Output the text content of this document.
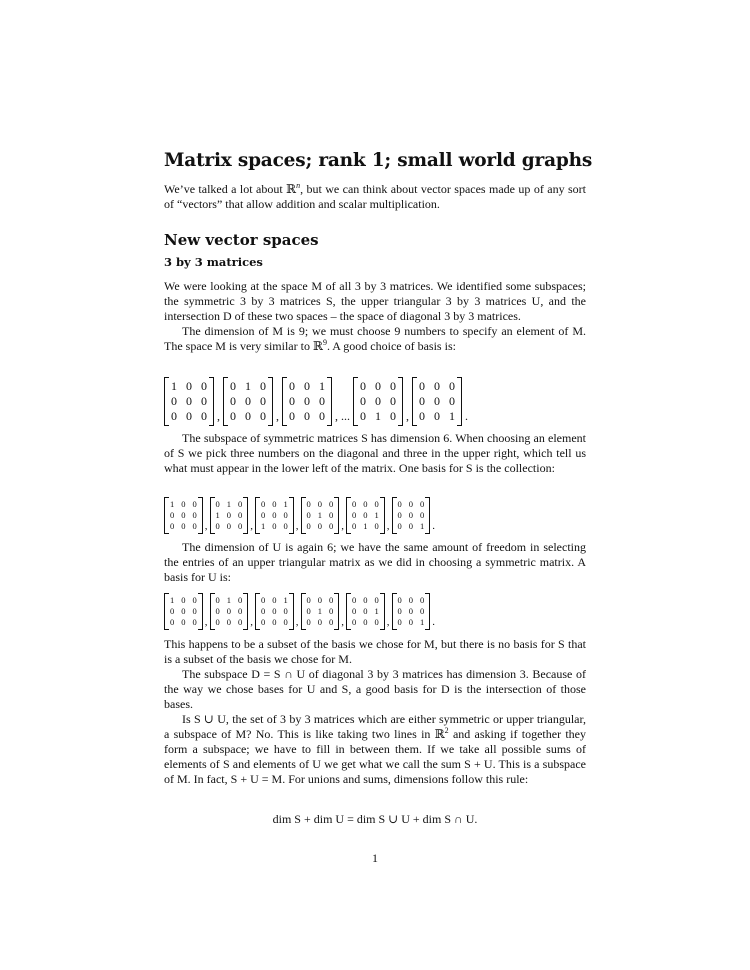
Matrix spaces; rank 1; small world graphs

We’ve talked a lot about ℝ$^n$, but we can think about vector spaces made up of any sort of “vectors” that allow addition and scalar multiplication.

New vector spaces
3 by 3 matrices

We were looking at the space M of all 3 by 3 matrices. We identified some subspaces; the symmetric 3 by 3 matrices S, the upper triangular 3 by 3 matrices U, and the intersection D of these two spaces – the space of diagonal 3 by 3 matrices.

The dimension of M is 9; we must choose 9 numbers to specify an element of M. The space M is very similar to ℝ$^9$. A good choice of basis is:

1 0 0
0 0 0
0 0 0 ,
0 1 0
0 0 0
0 0 0 ,
0 0 1
0 0 0
0 0 0 , ...
0 0 0
0 0 0
0 1 0 ,
0 0 0
0 0 0
0 0 1 .

The subspace of symmetric matrices S has dimension 6. When choosing an element of S we pick three numbers on the diagonal and three in the upper right, which tell us what must appear in the lower left of the matrix. One basis for S is the collection:

1 0 0
0 0 0
0 0 0 ,
0 1 0
1 0 0
0 0 0 ,
0 0 1
0 0 0
1 0 0 ,
0 0 0
0 1 0
0 0 0 ,
0 0 0
0 0 1
0 1 0 ,
0 0 0
0 0 0
0 0 1 .

The dimension of U is again 6; we have the same amount of freedom in selecting the entries of an upper triangular matrix as we did in choosing a symmetric matrix. A basis for U is:

1 0 0
0 0 0
0 0 0 ,
0 1 0
0 0 0
0 0 0 ,
0 0 1
0 0 0
0 0 0 ,
0 0 0
0 1 0
0 0 0 ,
0 0 0
0 0 1
0 0 0 ,
0 0 0
0 0 0
0 0 1 .

This happens to be a subset of the basis we chose for M, but there is no basis for S that is a subset of the basis we chose for M.

The subspace D = S ∩ U of diagonal 3 by 3 matrices has dimension 3. Because of the way we chose bases for U and S, a good basis for D is the intersection of those bases.

Is S ∪ U, the set of 3 by 3 matrices which are either symmetric or upper triangular, a subspace of M? No. This is like taking two lines in ℝ$^2$ and asking if together they form a subspace; we have to fill in between them. If we take all possible sums of elements of S and elements of U we get what we call the sum S + U. This is a subspace of M. In fact, S + U = M. For unions and sums, dimensions follow this rule:

dim S + dim U = dim S ∪ U + dim S ∩ U.
1
